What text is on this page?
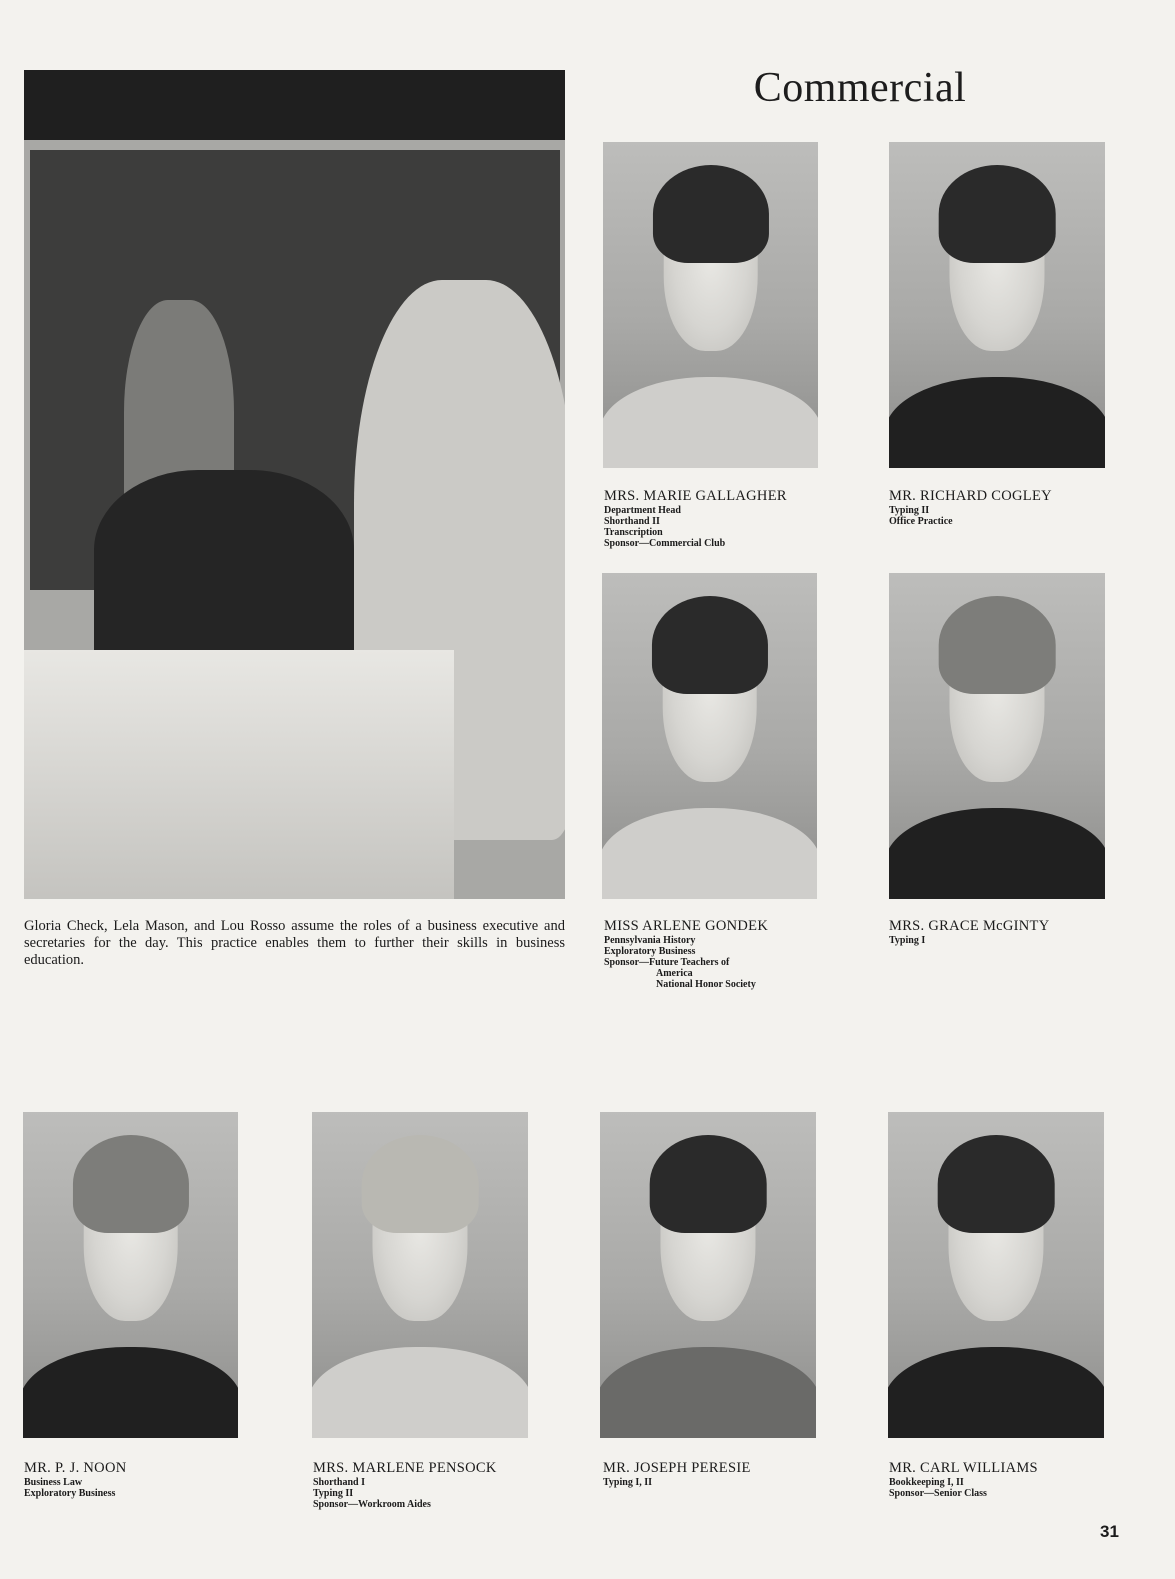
Commercial
Gloria Check, Lela Mason, and Lou Rosso assume the roles of a business executive and secretaries for the day. This practice enables them to further their skills in business education.
MRS. MARIE GALLAGHER
Department Head
Shorthand II
Transcription
Sponsor—Commercial Club
MR. RICHARD COGLEY
Typing II
Office Practice
MISS ARLENE GONDEK
Pennsylvania History
Exploratory Business
Sponsor—Future Teachers of
America
National Honor Society
MRS. GRACE McGINTY
Typing I
MR. P. J. NOON
Business Law
Exploratory Business
MRS. MARLENE PENSOCK
Shorthand I
Typing II
Sponsor—Workroom Aides
MR. JOSEPH PERESIE
Typing I, II
MR. CARL WILLIAMS
Bookkeeping I, II
Sponsor—Senior Class
31
